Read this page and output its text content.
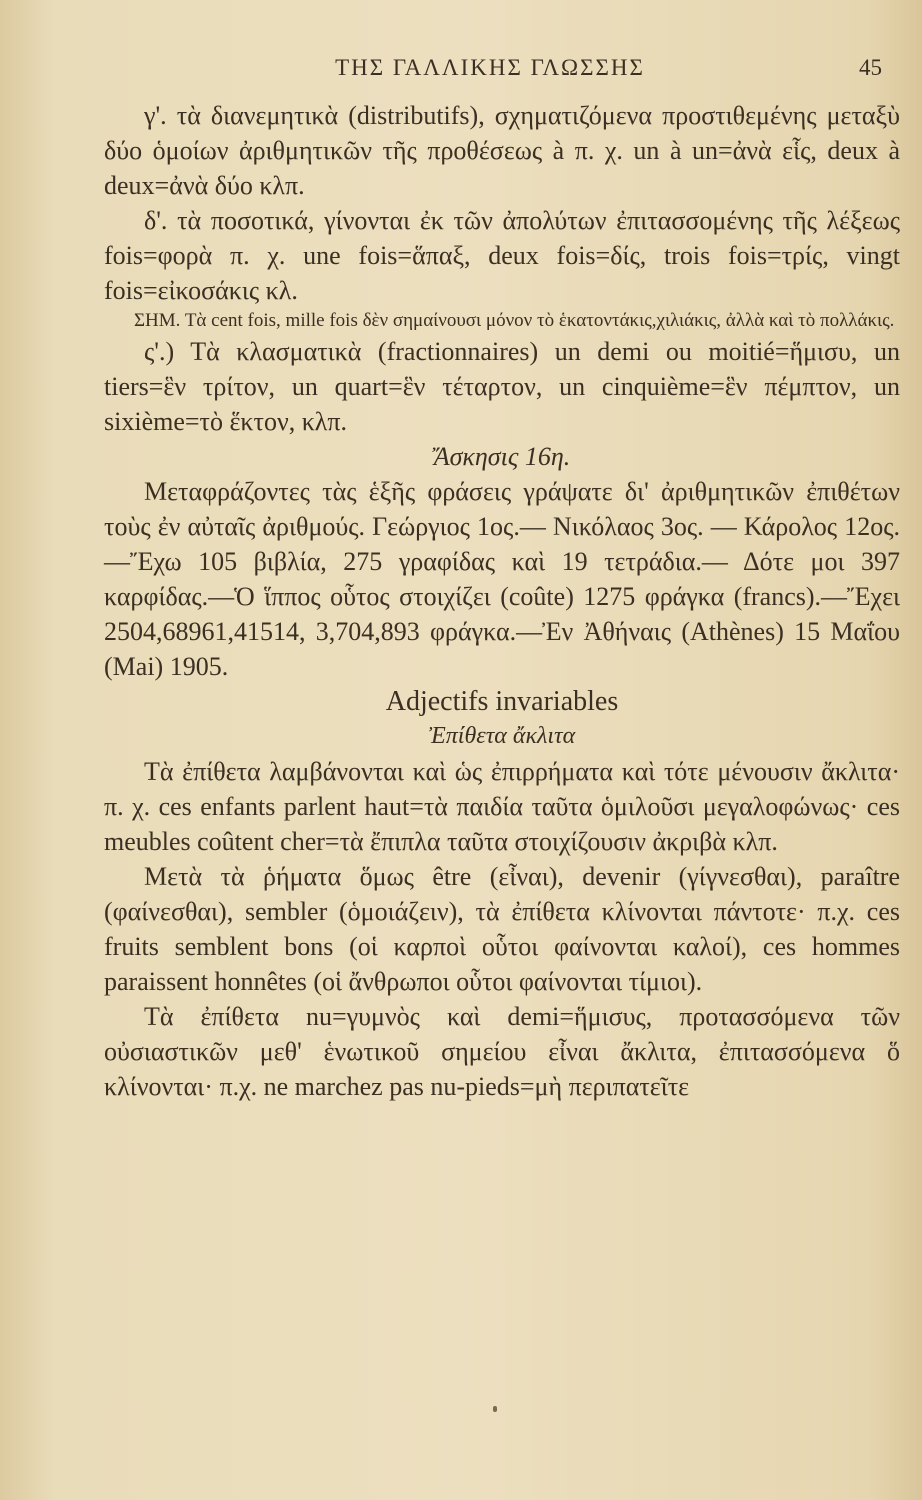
ΤΗΣ ΓΑΛΛΙΚΗΣ ΓΛΩΣΣΗΣ	45

γ'. τὰ διανεμητικὰ (distributifs), σχηματιζόμενα προστιθεμένης μεταξὺ δύο ὁμοίων ἀριθμητικῶν τῆς προθέσεως à π. χ. un à un=ἀνὰ εἷς, deux à deux=ἀνὰ δύο κλπ.

δ'. τὰ ποσοτικά, γίνονται ἐκ τῶν ἀπολύτων ἐπιτασσομένης τῆς λέξεως fois=φορὰ π. χ. une fois=ἅπαξ, deux fois=δίς, trois fois=τρίς, vingt fois=εἰκοσάκις κλ.

ΣΗΜ. Τὰ cent fois, mille fois δὲν σημαίνουσι μόνον τὸ ἑκατοντάκις,χιλιάκις, ἀλλὰ καὶ τὸ πολλάκις.

ς'.) Τὰ κλασματικὰ (fractionnaires) un demi ou moitié=ἥμισυ, un tiers=ἓν τρίτον, un quart=ἓν τέταρτον, un cinquième=ἓν πέμπτον, un sixième=τὸ ἕκτον, κλπ.

Ἄσκησις 16η.

Μεταφράζοντες τὰς ἑξῆς φράσεις γράψατε δι' ἀριθμητικῶν ἐπιθέτων τοὺς ἐν αὐταῖς ἀριθμούς. Γεώργιος 1ος.— Νικόλαος 3ος. — Κάρολος 12ος.—Ἔχω 105 βιβλία, 275 γραφίδας καὶ 19 τετράδια.— Δότε μοι 397 καρφίδας.—Ὁ ἵππος οὗτος στοιχίζει (coûte) 1275 φράγκα (francs).—Ἔχει 2504,68961,41514, 3,704,893 φράγκα.—Ἐν Ἀθήναις (Athènes) 15 Μαΐου (Mai) 1905.

Adjectifs invariables

Ἐπίθετα ἄκλιτα

Τὰ ἐπίθετα λαμβάνονται καὶ ὡς ἐπιρρήματα καὶ τότε μένουσιν ἄκλιτα· π. χ. ces enfants parlent haut=τὰ παιδία ταῦτα ὁμιλοῦσι μεγαλοφώνως· ces meubles coûtent cher=τὰ ἔπιπλα ταῦτα στοιχίζουσιν ἀκριβὰ κλπ.

Μετὰ τὰ ῥήματα ὅμως être (εἶναι), devenir (γίγνεσθαι), paraître (φαίνεσθαι), sembler (ὁμοιάζειν), τὰ ἐπίθετα κλίνονται πάντοτε· π.χ. ces fruits semblent bons (οἱ καρποὶ οὗτοι φαίνονται καλοί), ces hommes paraissent honnêtes (οἱ ἄνθρωποι οὗτοι φαίνονται τίμιοι).

Τὰ ἐπίθετα nu=γυμνὸς καὶ demi=ἥμισυς, προτασσόμενα τῶν οὐσιαστικῶν μεθ' ἑνωτικοῦ σημείου εἶναι ἄκλιτα, ἐπιτασσόμενα ὅ κλίνονται· π.χ. ne marchez pas nu-pieds=μὴ περιπατεῖτε
